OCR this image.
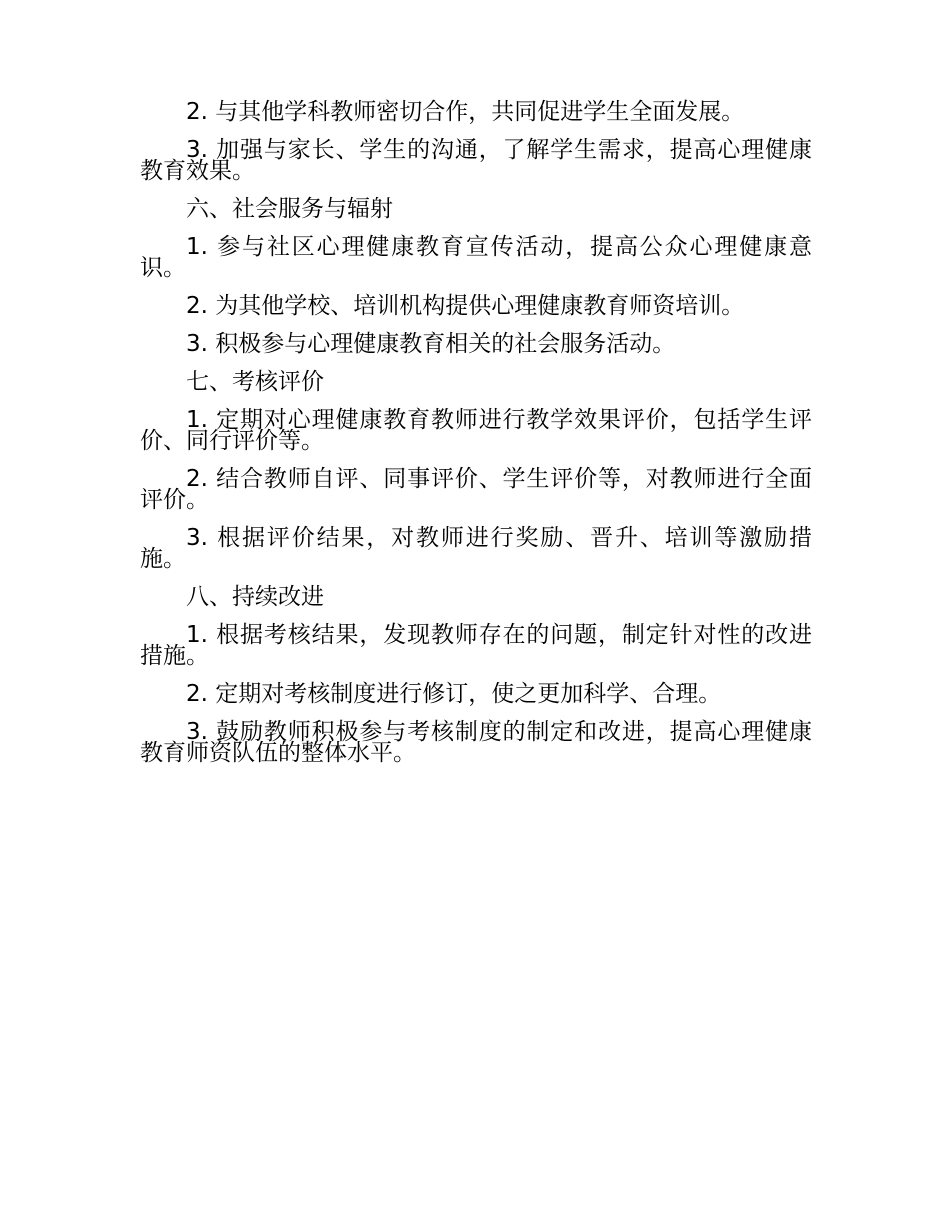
2. 与其他学科教师密切合作，共同促进学生全面发展。

3. 加强与家长、学生的沟通，了解学生需求，提高心理健康教育效果。

六、社会服务与辐射

1. 参与社区心理健康教育宣传活动，提高公众心理健康意识。

2. 为其他学校、培训机构提供心理健康教育师资培训。

3. 积极参与心理健康教育相关的社会服务活动。

七、考核评价

1. 定期对心理健康教育教师进行教学效果评价，包括学生评价、同行评价等。

2. 结合教师自评、同事评价、学生评价等，对教师进行全面评价。

3. 根据评价结果，对教师进行奖励、晋升、培训等激励措施。

八、持续改进

1. 根据考核结果，发现教师存在的问题，制定针对性的改进措施。

2. 定期对考核制度进行修订，使之更加科学、合理。

3. 鼓励教师积极参与考核制度的制定和改进，提高心理健康教育师资队伍的整体水平。
